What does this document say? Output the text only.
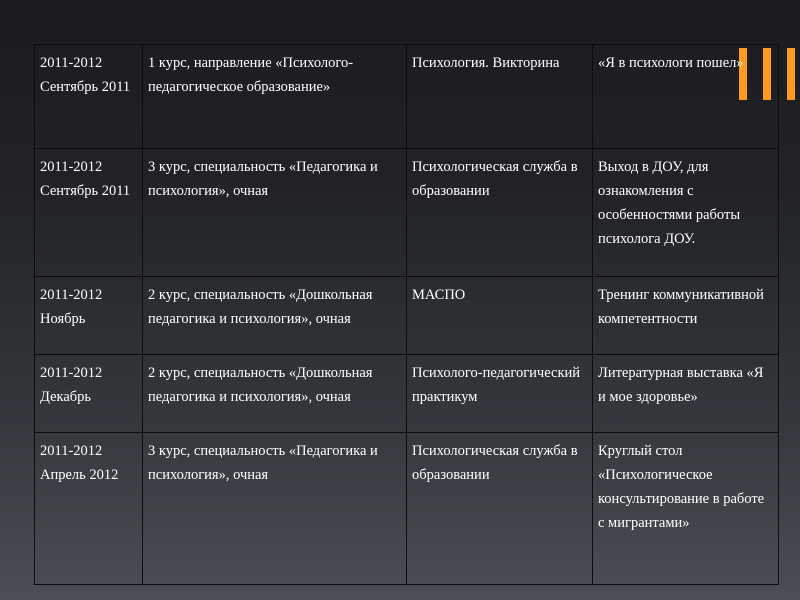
2011-2012 Сентябрь 2011	1 курс, направление «Психолого-педагогическое образование»	Психология. Викторина	«Я в психологи пошел»
2011-2012 Сентябрь 2011	3 курс, специальность «Педагогика и психология», очная	Психологическая служба в образовании	Выход в ДОУ, для ознакомления с особенностями работы психолога ДОУ.
2011-2012 Ноябрь	2 курс, специальность «Дошкольная педагогика и психология», очная	МАСПО	Тренинг коммуникативной компетентности
2011-2012 Декабрь	2 курс, специальность «Дошкольная педагогика и психология», очная	Психолого-педагогический практикум	Литературная выставка «Я и мое здоровье»
2011-2012 Апрель 2012	3 курс, специальность «Педагогика и психология», очная	Психологическая служба в образовании	Круглый стол «Психологическое консультирование в работе с мигрантами»
